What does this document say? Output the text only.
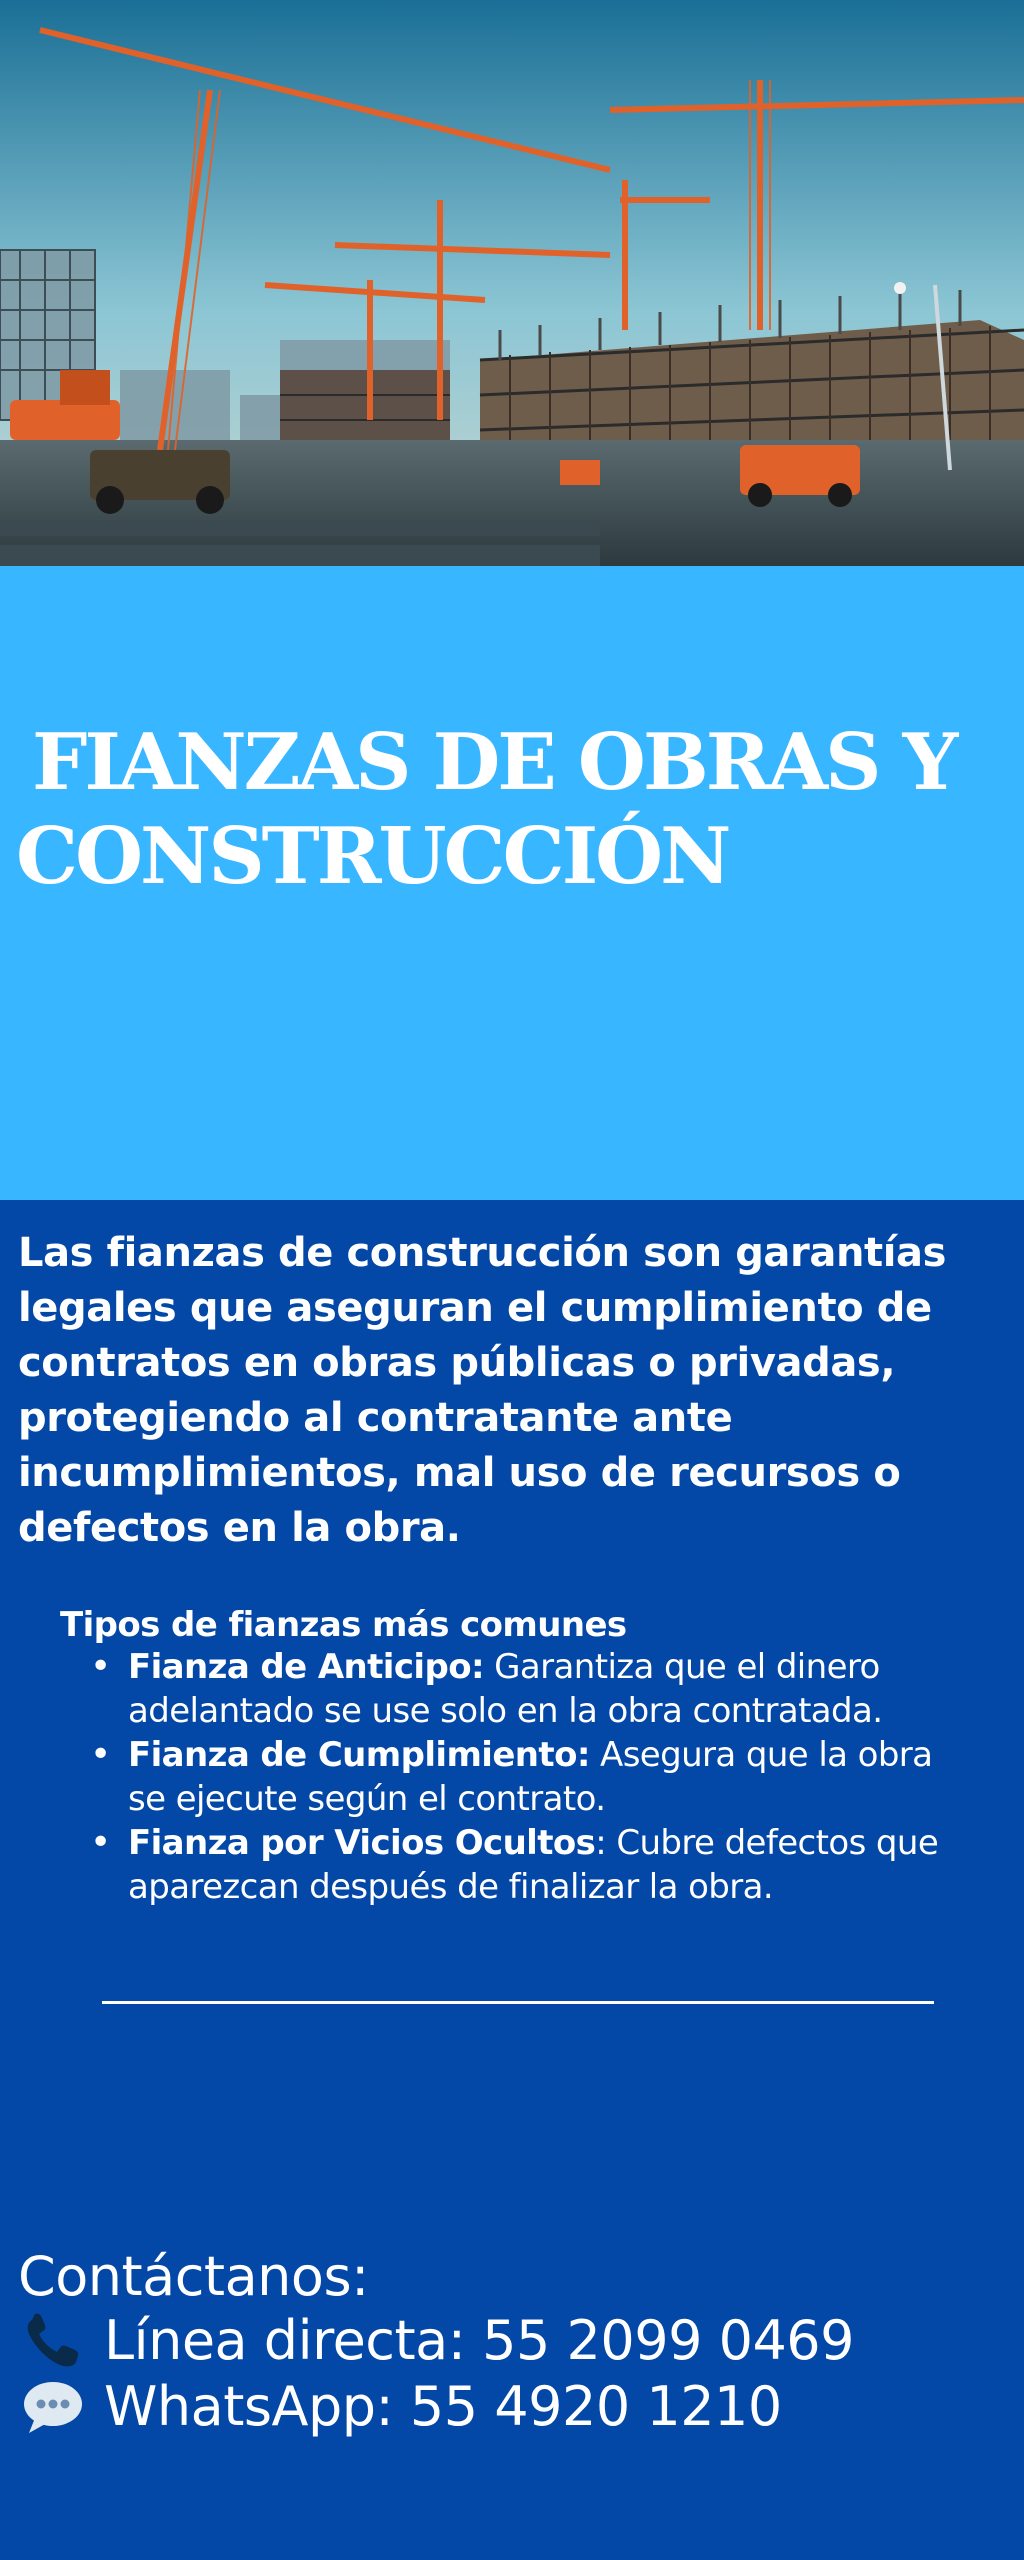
FIANZAS DE OBRAS Y
CONSTRUCCIÓN

Las fianzas de construcción son garantías legales que aseguran el cumplimiento de contratos en obras públicas o privadas, protegiendo al contratante ante incumplimientos, mal uso de recursos o defectos en la obra.

Tipos de fianzas más comunes

• Fianza de Anticipo: Garantiza que el dinero adelantado se use solo en la obra contratada.
• Fianza de Cumplimiento: Asegura que la obra se ejecute según el contrato.
• Fianza por Vicios Ocultos: Cubre defectos que aparezcan después de finalizar la obra.

Contáctanos:

Línea directa: 55 2099 0469
WhatsApp: 55 4920 1210
